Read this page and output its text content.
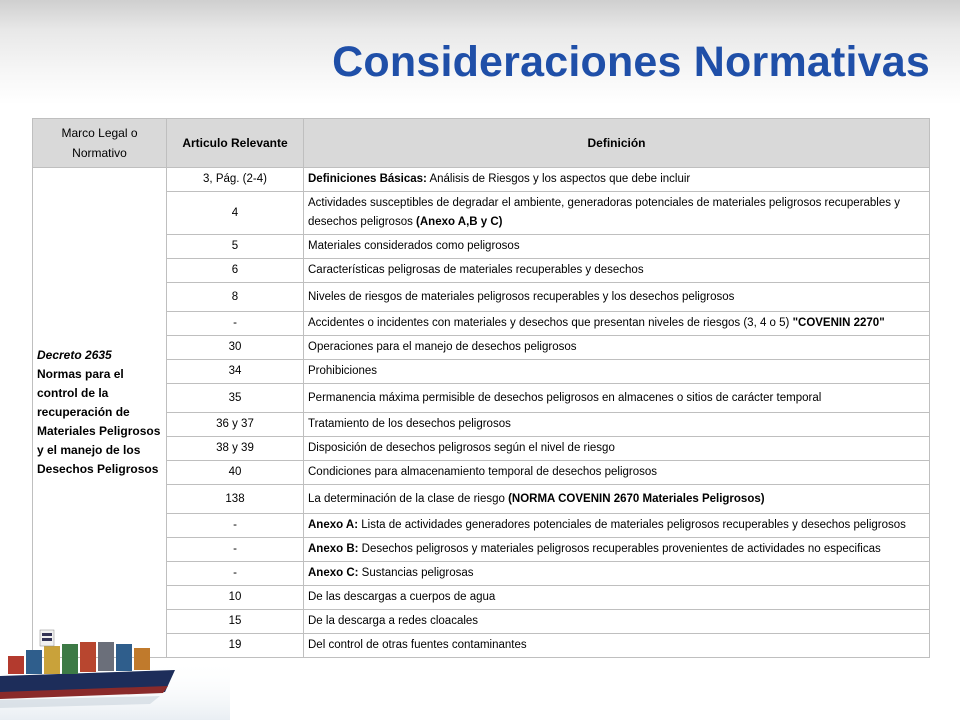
Consideraciones Normativas
Marco Legal o Normativo	Articulo Relevante	Definición

Decreto 2635
Normas para el control de la recuperación de Materiales Peligrosos y el manejo de los Desechos Peligrosos	3, Pág. (2-4)	Definiciones Básicas: Análisis de Riesgos y los aspectos que debe incluir
	4	Actividades susceptibles de degradar el ambiente, generadoras potenciales de materiales peligrosos recuperables y desechos peligrosos (Anexo A,B y C)
	5	Materiales considerados como peligrosos
	6	Características peligrosas de materiales recuperables y desechos
	8	Niveles de riesgos de materiales peligrosos recuperables y los desechos peligrosos
	-	Accidentes o incidentes con materiales y desechos que presentan niveles de riesgos (3, 4 o 5) "COVENIN 2270"
	30	Operaciones para el manejo de desechos peligrosos
	34	Prohibiciones
	35	Permanencia máxima permisible de desechos peligrosos en almacenes o sitios de carácter temporal
	36 y 37	Tratamiento de los desechos peligrosos
	38 y 39	Disposición de desechos peligrosos según el nivel de riesgo
	40	Condiciones para almacenamiento temporal de desechos peligrosos
	138	La determinación de la clase de riesgo (NORMA COVENIN 2670 Materiales Peligrosos)
	-	Anexo A: Lista de actividades generadores potenciales de materiales peligrosos recuperables y desechos peligrosos
	-	Anexo B: Desechos peligrosos y materiales peligrosos recuperables provenientes de actividades no especificas
	-	Anexo C: Sustancias peligrosas
	10	De las descargas a cuerpos de agua
	15	De la descarga a redes cloacales
	19	Del control de otras fuentes contaminantes
